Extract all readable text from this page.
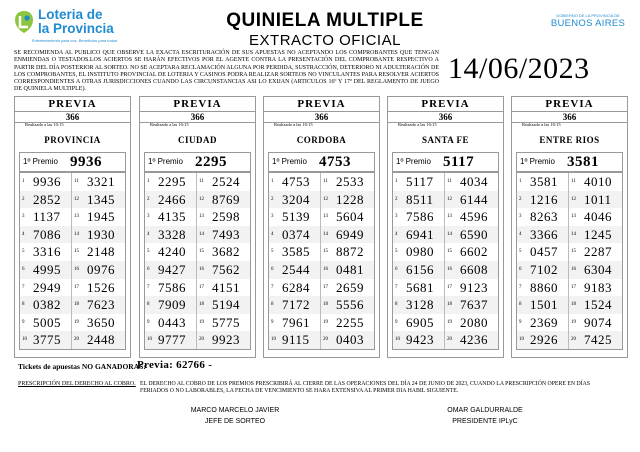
Loteria de
la Provincia
Entretenimiento para vos, Beneficios para todos.
QUINIELA MULTIPLE
EXTRACTO OFICIAL
GOBIERNO DE LA PROVINCIA DE
BUENOS AIRES
SE RECOMIENDA AL PUBLICO QUE OBSERVE LA EXACTA ESCRITURACIÓN DE SUS APUESTAS NO ACEPTANDO LOS COMPROBANTES QUE TENGAN ENMIENDAS O TESTADOS.LOS ACIERTOS SE HARÁN EFECTIVOS POR EL AGENTE CONTRA LA PRESENTACIÓN DEL COMPROBANTE RESPECTIVO A PARTIR DEL DÍA POSTERIOR AL SORTEO. NO SE ACEPTARA RECLAMACIÓN ALGUNA POR PERDIDA, SUSTRACCIÓN, DETERIORO NI ADULTERACIÓN DE LOS COMPROBANTES, EL INSTITUTO PROVINCIAL DE LOTERIA Y CASINOS PODRA REALIZAR SORTEOS NO VINCULANTES PARA RESOLVER ACIERTOS CORRESPONDIENTES A OTRAS JURISDICCIONES CUANDO LAS CIRCUNSTANCIAS ASI LO EXIJAN (ARTICULOS 16º Y 17º DEL REGLAMENTO DE JUEGO DE QUINIELA MULTIPLE).
14/06/2023
PREVIA
366
Realizado a las 10:15
PROVINCIA
1º Premio 9936
1 9936	11 3321
2 2852	12 1345
3 1137	13 1945
4 7086	14 1930
5 3316	15 2148
6 4995	16 0976
7 2949	17 1526
8 0382	18 7623
9 5005	19 3650
10 3775	20 2448
PREVIA
366
Realizado a las 10:15
CIUDAD
1º Premio 2295
1 2295	11 2524
2 2466	12 8769
3 4135	13 2598
4 3328	14 7493
5 4240	15 3682
6 9427	16 7562
7 7586	17 4151
8 7909	18 5194
9 0443	19 5775
10 9777	20 9923
PREVIA
366
Realizado a las 10:15
CORDOBA
1º Premio 4753
1 4753	11 2533
2 3204	12 1228
3 5139	13 5604
4 0374	14 6949
5 3585	15 8872
6 2544	16 0481
7 6284	17 2659
8 7172	18 5556
9 7961	19 2255
10 9115	20 0403
PREVIA
366
Realizado a las 10:15
SANTA FE
1º Premio 5117
1 5117	11 4034
2 8511	12 6144
3 7586	13 4596
4 6941	14 6590
5 0980	15 6602
6 6156	16 6608
7 5681	17 9123
8 3128	18 7637
9 6905	19 2080
10 9423	20 4236
PREVIA
366
Realizado a las 10:15
ENTRE RIOS
1º Premio 3581
1 3581	11 4010
2 1216	12 1011
3 8263	13 4046
4 3366	14 1245
5 0457	15 2287
6 7102	16 6304
7 8860	17 9183
8 1501	18 1524
9 2369	19 9074
10 2926	20 7425
Tickets de apuestas NO GANADORAS:
Previa: 62766 -
PRESCRIPCIÓN DEL DERECHO AL COBRO. EL DERECHO AL COBRO DE LOS PREMIOS PRESCRIBIRÁ AL CIERRE DE LAS OPERACIONES DEL DÍA 24 DE JUNIO DE 2023, CUANDO LA PRESCRIPCIÓN OPERE EN DÍAS FERIADOS O NO LABORABLES, LA FECHA DE VENCIMIENTO SE HARA EXTENSIVA AL PRIMER DIA HABIL SIGUIENTE.
MARCO MARCELO JAVIER
JEFE DE SORTEO
OMAR GALDURRALDE
PRESIDENTE IPLyC
